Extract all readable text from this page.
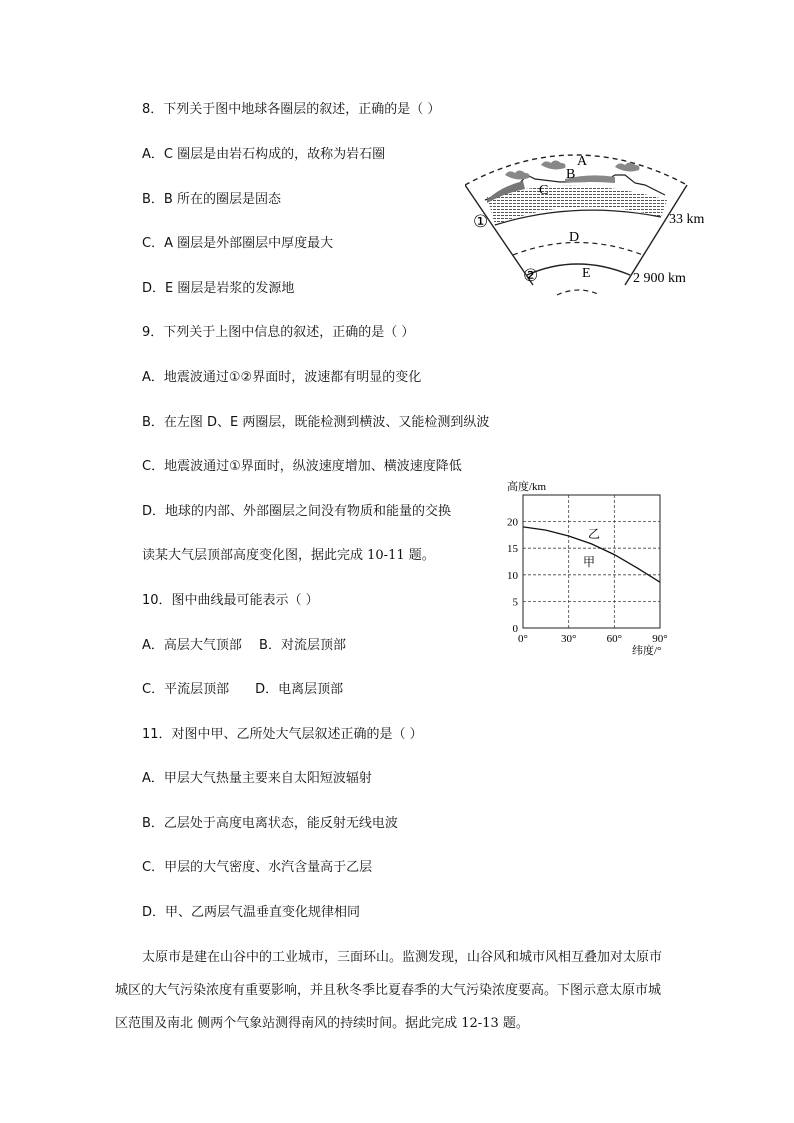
8．下列关于图中地球各圈层的叙述，正确的是（ ）
A．C 圈层是由岩石构成的，故称为岩石圈
B．B 所在的圈层是固态
C．A 圈层是外部圈层中厚度最大
D．E 圈层是岩浆的发源地
9．下列关于上图中信息的叙述，正确的是（ ）
A．地震波通过①②界面时，波速都有明显的变化
B．在左图 D、E 两圈层，既能检测到横波、又能检测到纵波
C．地震波通过①界面时，纵波速度增加、横波速度降低
D．地球的内部、外部圈层之间没有物质和能量的交换
读某大气层顶部高度变化图，据此完成 10-11 题。
10．图中曲线最可能表示（ ）
A．高层大气顶部　 B．对流层顶部
C．平流层顶部　　D．电离层顶部
11．对图中甲、乙所处大气层叙述正确的是（ ）
A．甲层大气热量主要来自太阳短波辐射
B．乙层处于高度电离状态，能反射无线电波
C．甲层的大气密度、水汽含量高于乙层
D．甲、乙两层气温垂直变化规律相同
太原市是建在山谷中的工业城市，三面环山。监测发现，山谷风和城市风相互叠加对太原市
城区的大气污染浓度有重要影响，并且秋冬季比夏春季的大气污染浓度要高。下图示意太原市城
区范围及南北 侧两个气象站测得南风的持续时间。据此完成 12-13 题。
A
B
C
D
E
①
②
33 km
2 900 km
高度/km
纬度/°
乙
甲
0
5
10
15
20
0°	30°	60°	90°
